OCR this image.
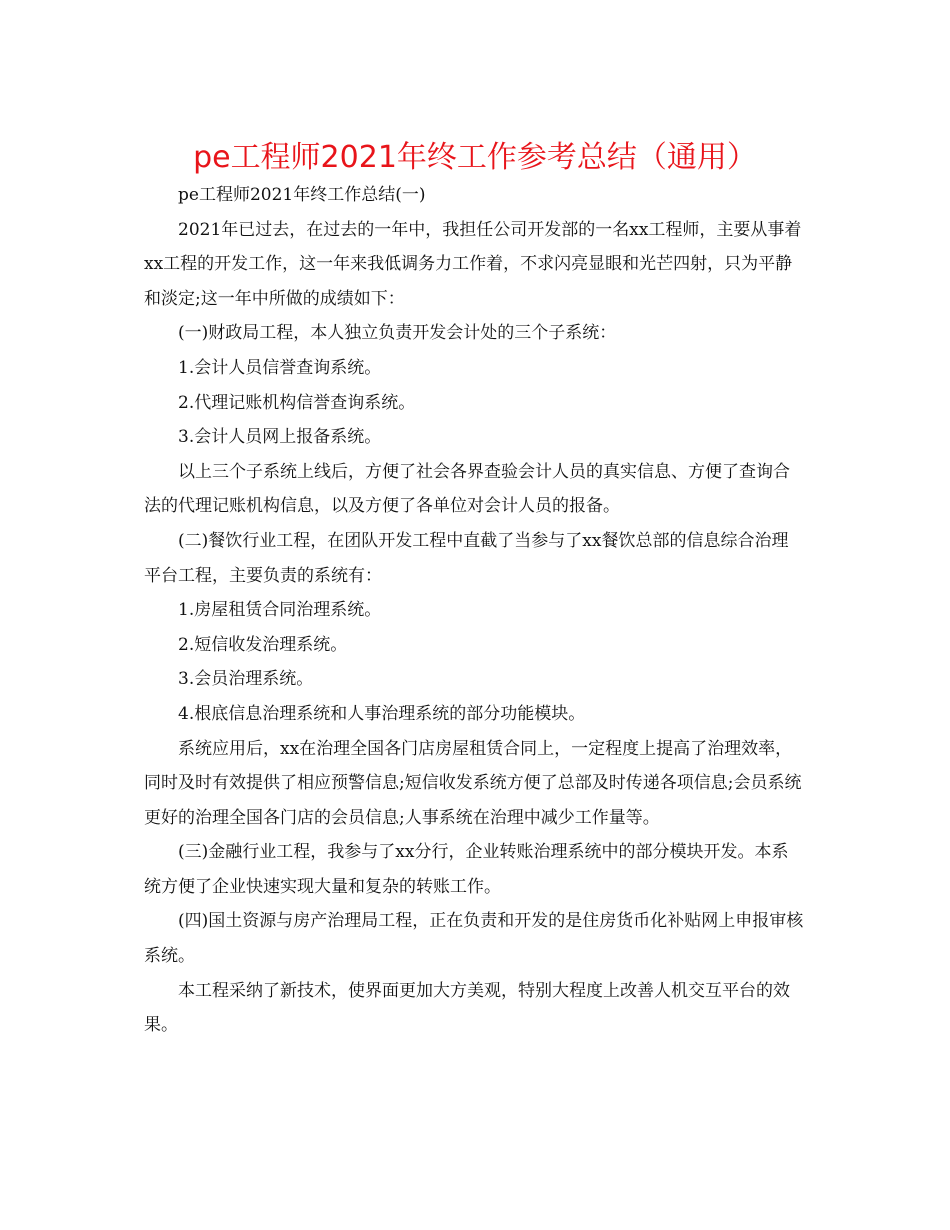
pe工程师2021年终工作参考总结（通用）

pe工程师2021年终工作总结(一)

2021年已过去，在过去的一年中，我担任公司开发部的一名xx工程师，主要从事着xx工程的开发工作，这一年来我低调务力工作着，不求闪亮显眼和光芒四射，只为平静和淡定;这一年中所做的成绩如下：

(一)财政局工程，本人独立负责开发会计处的三个子系统：

1.会计人员信誉查询系统。

2.代理记账机构信誉查询系统。

3.会计人员网上报备系统。

以上三个子系统上线后，方便了社会各界查验会计人员的真实信息、方便了查询合法的代理记账机构信息，以及方便了各单位对会计人员的报备。

(二)餐饮行业工程，在团队开发工程中直截了当参与了xx餐饮总部的信息综合治理平台工程，主要负责的系统有：

1.房屋租赁合同治理系统。

2.短信收发治理系统。

3.会员治理系统。

4.根底信息治理系统和人事治理系统的部分功能模块。

系统应用后，xx在治理全国各门店房屋租赁合同上，一定程度上提高了治理效率，同时及时有效提供了相应预警信息;短信收发系统方便了总部及时传递各项信息;会员系统更好的治理全国各门店的会员信息;人事系统在治理中减少工作量等。

(三)金融行业工程，我参与了xx分行，企业转账治理系统中的部分模块开发。本系统方便了企业快速实现大量和复杂的转账工作。

(四)国土资源与房产治理局工程，正在负责和开发的是住房货币化补贴网上申报审核系统。

本工程采纳了新技术，使界面更加大方美观，特别大程度上改善人机交互平台的效果。
